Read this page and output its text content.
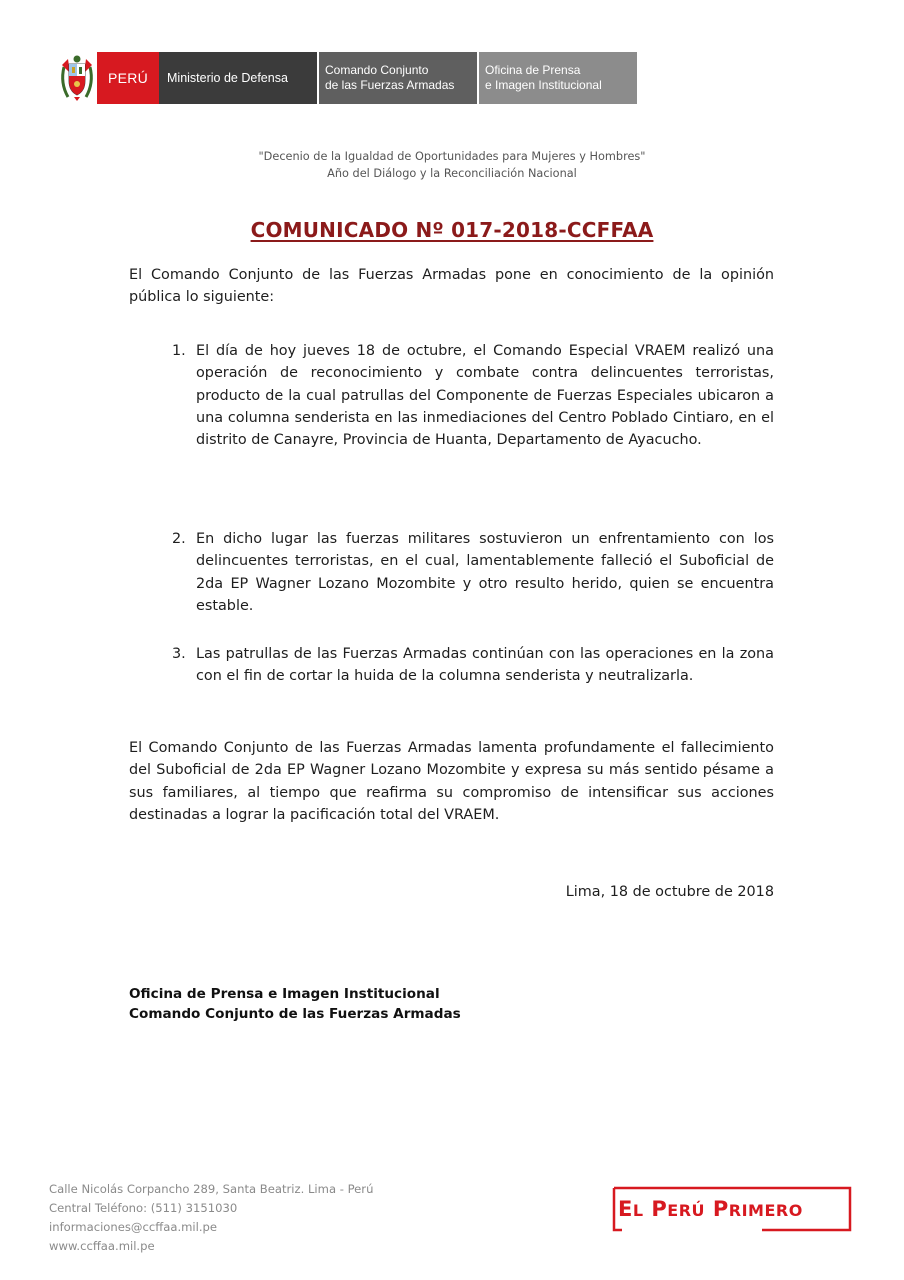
PERÚ	Ministerio de Defensa
Comando Conjunto
de las Fuerzas Armadas
Oficina de Prensa
e Imagen Institucional
"Decenio de la Igualdad de Oportunidades para Mujeres y Hombres"
Año del Diálogo y la Reconciliación Nacional
COMUNICADO Nº 017-2018-CCFFAA

El Comando Conjunto de las Fuerzas Armadas pone en conocimiento de la opinión pública lo siguiente:

1. El día de hoy jueves 18 de octubre, el Comando Especial VRAEM realizó una operación de reconocimiento y combate contra delincuentes terroristas, producto de la cual patrullas del Componente de Fuerzas Especiales ubicaron a una columna senderista en las inmediaciones del Centro Poblado Cintiaro, en el distrito de Canayre, Provincia de Huanta, Departamento de Ayacucho.
2. En dicho lugar las fuerzas militares sostuvieron un enfrentamiento con los delincuentes terroristas, en el cual, lamentablemente falleció el Suboficial de 2da EP Wagner Lozano Mozombite y otro resulto herido, quien se encuentra estable.
3. Las patrullas de las Fuerzas Armadas continúan con las operaciones en la zona con el fin de cortar la huida de la columna senderista y neutralizarla.

El Comando Conjunto de las Fuerzas Armadas lamenta profundamente el fallecimiento del Suboficial de 2da EP Wagner Lozano Mozombite y expresa su más sentido pésame a sus familiares, al tiempo que reafirma su compromiso de intensificar sus acciones destinadas a lograr la pacificación total del VRAEM.

Lima, 18 de octubre de 2018
Oficina de Prensa e Imagen Institucional
Comando Conjunto de las Fuerzas Armadas
Calle Nicolás Corpancho 289, Santa Beatriz. Lima - Perú
Central Teléfono: (511) 3151030
informaciones@ccffaa.mil.pe
www.ccffaa.mil.pe
EL PERÚ PRIMERO
